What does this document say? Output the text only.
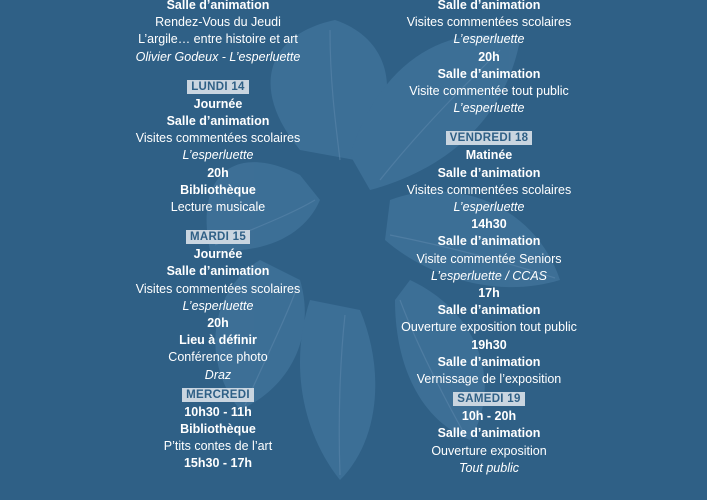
Salle d’animation
Rendez-Vous du Jeudi
L’argile… entre histoire et art
Olivier Godeux - L’esperluette
LUNDI 14
Journée
Salle d’animation
Visites commentées scolaires
L’esperluette
20h
Bibliothèque
Lecture musicale
MARDI 15
Journée
Salle d’animation
Visites commentées scolaires
L’esperluette
20h
Lieu à définir
Conférence photo
Draz
MERCREDI
10h30 - 11h
Bibliothèque
P’tits contes de l’art
15h30 - 17h
Salle d’animation
Visites commentées scolaires
L’esperluette
20h
Salle d’animation
Visite commentée tout public
L’esperluette
VENDREDI 18
Matinée
Salle d’animation
Visites commentées scolaires
L’esperluette
14h30
Salle d’animation
Visite commentée Seniors
L’esperluette / CCAS
17h
Salle d’animation
Ouverture exposition tout public
19h30
Salle d’animation
Vernissage de l’exposition
SAMEDI 19
10h - 20h
Salle d’animation
Ouverture exposition
Tout public
